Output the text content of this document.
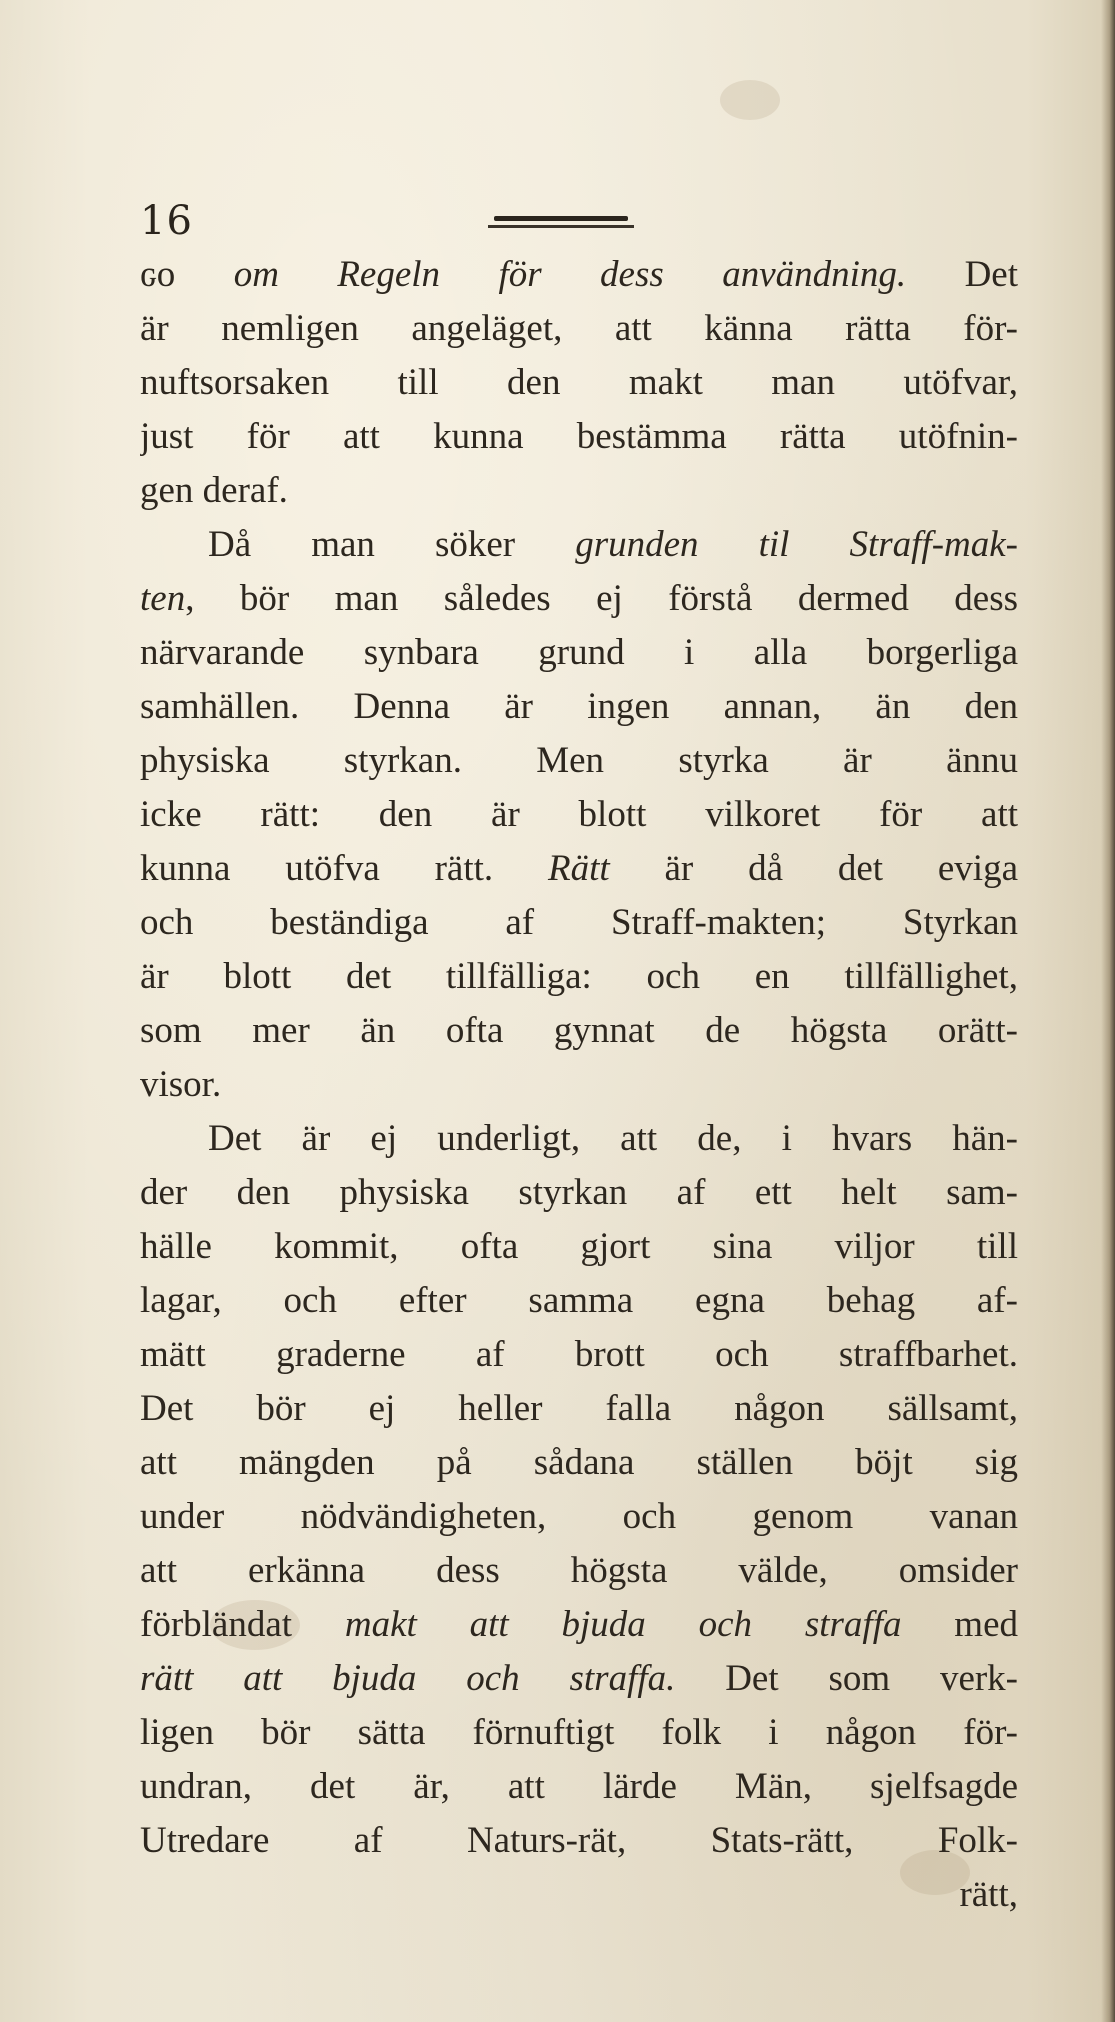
16
ԍo om Regeln för dess användning. Det
är nemligen angeläget, att känna rätta för-
nuftsorsaken till den makt man utöfvar,
just för att kunna bestämma rätta utöfnin-
gen deraf.
Då man söker grunden til Straff-mak-
ten, bör man således ej förstå dermed dess
närvarande synbara grund i alla borgerliga
samhällen. Denna är ingen annan, än den
physiska styrkan. Men styrka är ännu
icke rätt: den är blott vilkoret för att
kunna utöfva rätt. Rätt är då det eviga
och beständiga af Straff-makten; Styrkan
är blott det tillfälliga: och en tillfällighet,
som mer än ofta gynnat de högsta orätt-
visor.
Det är ej underligt, att de, i hvars hän-
der den physiska styrkan af ett helt sam-
hälle kommit, ofta gjort sina viljor till
lagar, och efter samma egna behag af-
mätt graderne af brott och straffbarhet.
Det bör ej heller falla någon sällsamt,
att mängden på sådana ställen böjt sig
under nödvändigheten, och genom vanan
att erkänna dess högsta välde, omsider
förbländat makt att bjuda och straffa med
rätt att bjuda och straffa. Det som verk-
ligen bör sätta förnuftigt folk i någon för-
undran, det är, att lärde Män, sjelfsagde
Utredare af Naturs-rät, Stats-rätt, Folk-
rätt,
